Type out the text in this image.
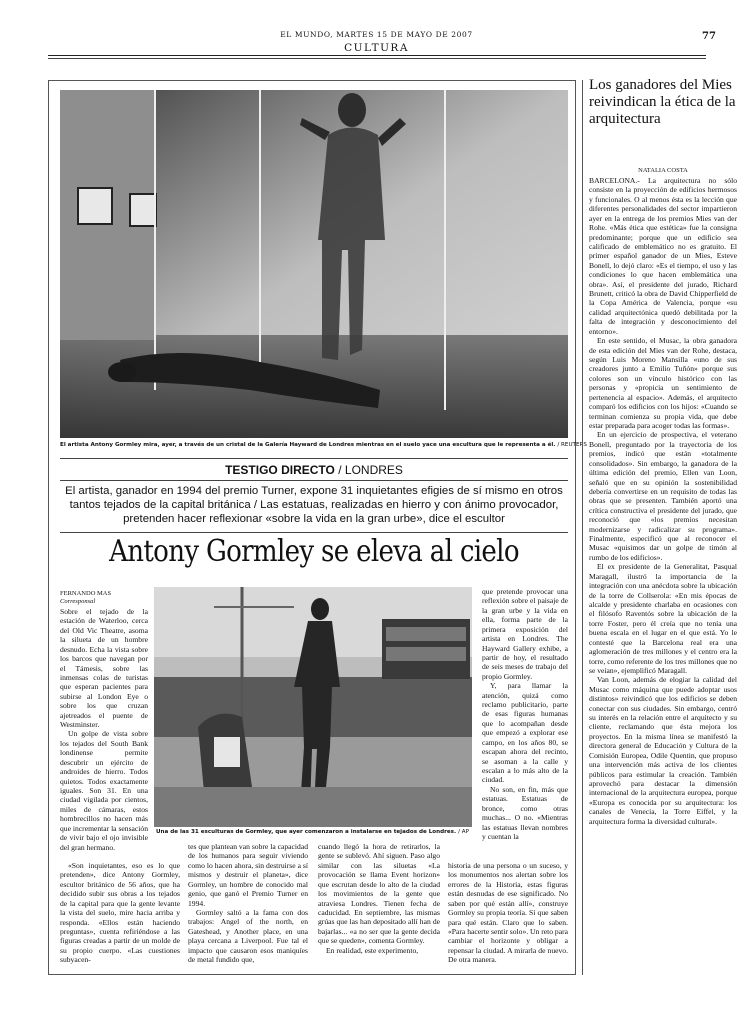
EL MUNDO, MARTES 15 DE MAYO DE 2007
CULTURA
77
El artista Antony Gormley mira, ayer, a través de un cristal de la Galería Hayward de Londres mientras en el suelo yace una escultura que le representa a él. / REUTERS
TESTIGO DIRECTO / LONDRES
El artista, ganador en 1994 del premio Turner, expone 31 inquietantes efigies de sí mismo en otros tantos tejados de la capital británica / Las estatuas, realizadas en hierro y con ánimo provocador, pretenden hacer reflexionar «sobre la vida en la gran urbe», dice el escultor
Antony Gormley se eleva al cielo
FERNANDO MAS
Corresponsal

Sobre el tejado de la estación de Waterloo, cerca del Old Vic Theatre, asoma la silueta de un hombre desnudo. Echa la vista sobre los barcos que navegan por el Támesis, sobre las inmensas colas de turistas que esperan pacientes para subirse al London Eye o sobre los que cruzan ajetreados el puente de Westminster.

Un golpe de vista sobre los tejados del South Bank londinense permite descubrir un ejército de androides de hierro. Todos quietos. Todos exactamente iguales. Son 31. En una ciudad vigilada por cientos, miles de cámaras, estos hombrecillos no hacen más que incrementar la sensación de vivir bajo el ojo invisible del gran hermano.

Una de las 31 esculturas de Gormley, que ayer comenzaron a instalarse en tejados de Londres. / AP

que pretende provocar una reflexión sobre el paisaje de la gran urbe y la vida en ella, forma parte de la primera exposición del artista en Londres. The Hayward Gallery exhibe, a partir de hoy, el resultado de seis meses de trabajo del propio Gormley.

Y, para llamar la atención, quizá como reclamo publicitario, parte de esas figuras humanas que lo acompañan desde que empezó a explorar ese campo, en los años 80, se escapan ahora del recinto, se asoman a la calle y escalan a lo más alto de la ciudad.

No son, en fin, más que estatuas. Estatuas de bronce, como otras muchas... O no. «Mientras las estatuas llevan nombres y cuentan la

«Son inquietantes, eso es lo que pretenden», dice Antony Gormley, escultor británico de 56 años, que ha decidido subir sus obras a los tejados de la capital para que la gente levante la vista del suelo, mire hacia arriba y responda. «Ellos están haciendo preguntas», cuenta refiriéndose a las figuras creadas a partir de un molde de su propio cuerpo. «Las cuestiones subyacen-

tes que plantean van sobre la capacidad de los humanos para seguir viviendo como lo hacen ahora, sin destruirse a sí mismos y destruir el planeta», dice Gormley, un hombre de conocido mal genio, que ganó el Premio Turner en 1994.

Gormley saltó a la fama con dos trabajos: Angel of the north, en Gateshead, y Another place, en una playa cercana a Liverpool. Fue tal el impacto que causaron esos maniquíes de metal fundido que,

cuando llegó la hora de retirarlos, la gente se sublevó. Ahí siguen. Paso algo similar con las siluetas «La provocación se llama Event horizon» que escrutan desde lo alto de la ciudad los movimientos de la gente que atraviesa Londres. Tienen fecha de caducidad. En septiembre, las mismas grúas que las han depositado allí han de bajarlas... «a no ser que la gente decida que se queden», comenta Gormley.

En realidad, este experimento,

historia de una persona o un suceso, y los monumentos nos alertan sobre los errores de la Historia, estas figuras están desnudas de ese significado. No saben por qué están allí», construye Gormley su propia teoría. Sí que saben para qué están. Claro que lo saben. «Para hacerte sentir solo». Un reto para cambiar el horizonte y obligar a repensar la ciudad. A mirarla de nuevo. De otra manera.

Los ganadores del Mies reivindican la ética de la arquitectura
NATALIA COSTA

BARCELONA.- La arquitectura no sólo consiste en la proyección de edificios hermosos y funcionales. O al menos ésta es la lección que diferentes personalidades del sector impartieron ayer en la entrega de los premios Mies van der Rohe. «Más ética que estética» fue la consigna predominante; porque que un edificio sea calificado de emblemático no es gratuito. El primer español ganador de un Mies, Esteve Bonell, lo dejó claro: «Es el tiempo, el uso y las condiciones lo que hacen emblemática una obra». Así, el presidente del jurado, Richard Brunett, criticó la obra de David Chipperfield de la Copa América de Valencia, porque «su calidad arquitectónica quedó debilitada por la falta de integración y desconocimiento del entorno».

En este sentido, el Musac, la obra ganadora de esta edición del Mies van der Rohe, destaca, según Luis Moreno Mansilla «uno de sus creadores junto a Emilio Tuñón» porque sus colores son un vínculo histórico con las personas y «propicia un sentimiento de pertenencia al espacio». Además, el arquitecto comparó los edificios con los hijos: «Cuando se terminan comienza su propia vida, que debe estar preparada para acoger todas las formas».

En un ejercicio de prospectiva, el veterano Bonell, preguntado por la trayectoria de los premios, indicó que están «totalmente consolidados». Sin embargo, la ganadora de la última edición del premio, Ellen van Loon, señaló que en su opinión la sostenibilidad debería convertirse en un requisito de todas las obras que se presenten. También aportó una crítica constructiva el presidente del jurado, que reconoció que «los premios necesitan modernizarse y radicalizar su programa». Finalmente, especificó que al reconocer el Musac «quisimos dar un golpe de timón al rumbo de los edificios».

El ex presidente de la Generalitat, Pasqual Maragall, ilustró la importancia de la integración con una anécdota sobre la ubicación de la torre de Collserola: «En mis épocas de alcalde y presidente charlaba en ocasiones con el filósofo Raventós sobre la ubicación de la torre Foster, pero él creía que no tenía una buena escala en el lugar en el que está. Yo le contesté que la Barcelona real era una aglomeración de tres millones y el centro era la torre, como referente de los tres millones que no se veían», ejemplificó Maragall.

Van Loon, además de elogiar la calidad del Musac como máquina que puede adoptar usos distintos» reivindicó que los edificios se deben conectar con sus ciudades. Sin embargo, centró su interés en la relación entre el arquitecto y su cliente, reclamando que ésta mejora los proyectos. En la misma línea se manifestó la directora general de Educación y Cultura de la Comisión Europea, Odile Quentin, que propuso una intervención más activa de los clientes públicos para estimular la creación. También aprovechó para destacar la dimensión internacional de la arquitectura europea, porque «Europa es conocida por su arquitectura: los canales de Venecia, la Torre Eiffel, y la arquitectura forma la diversidad cultural».
